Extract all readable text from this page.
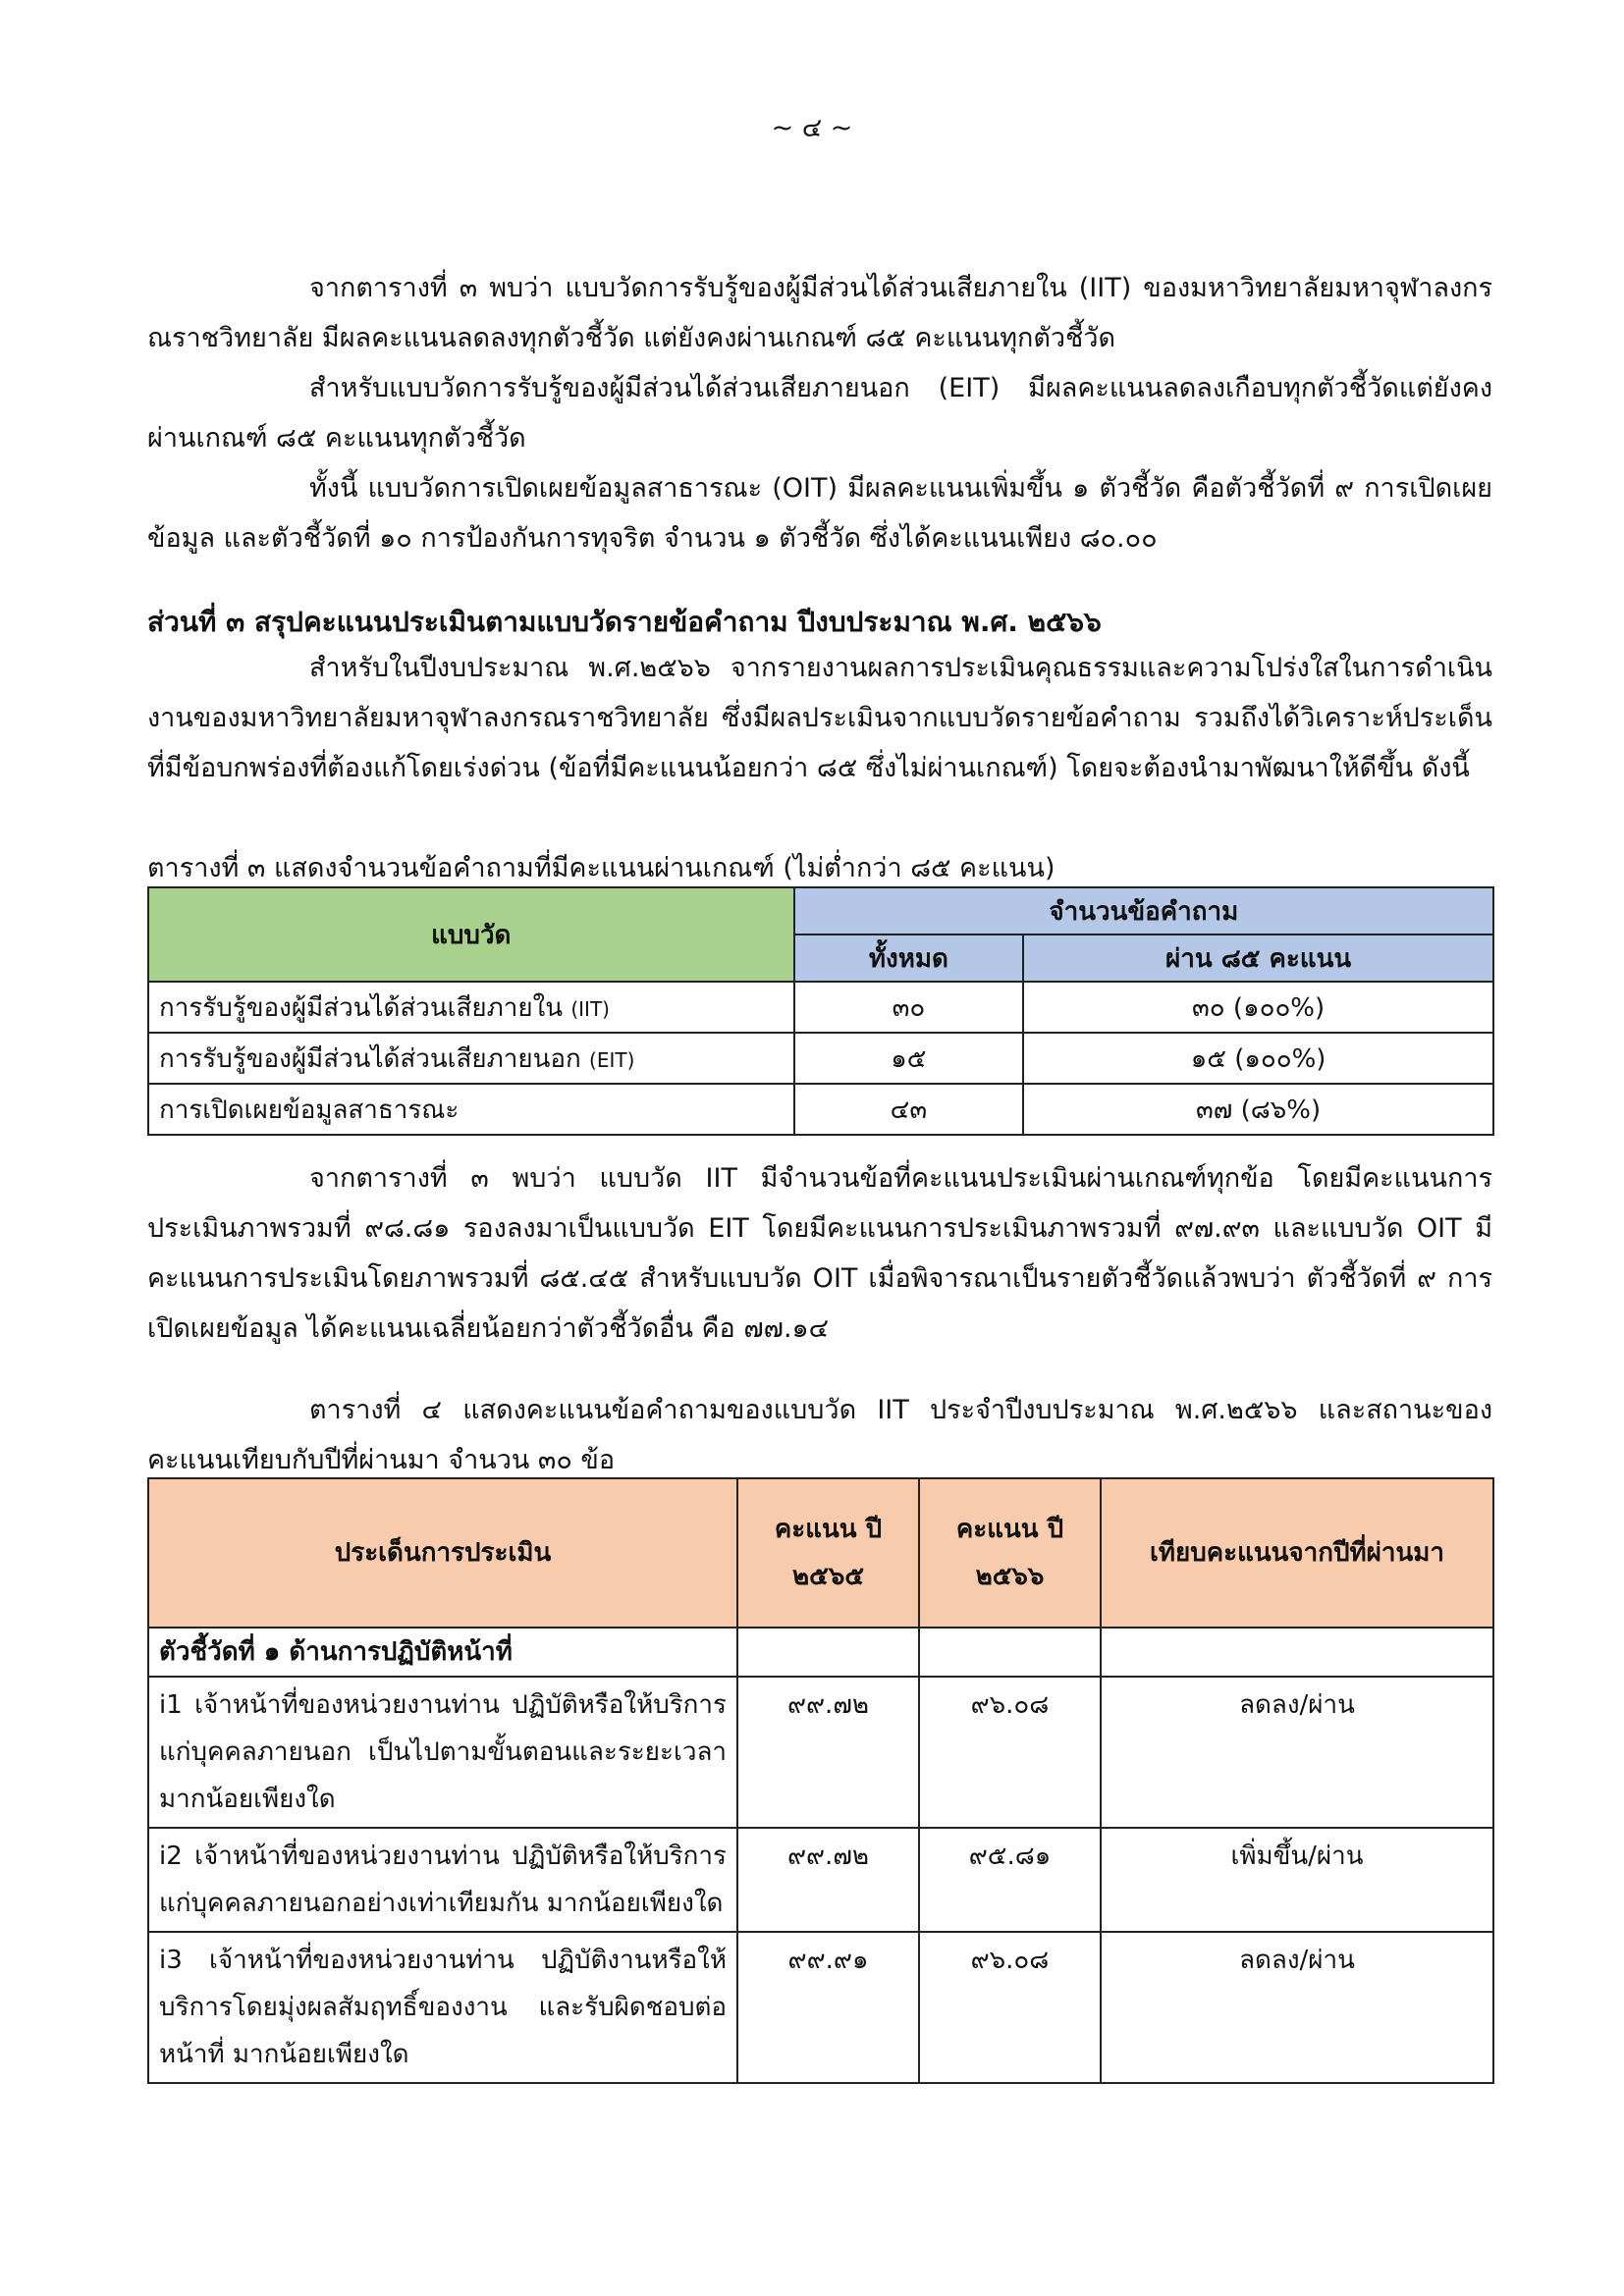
~ ๔ ~
จากตารางที่ ๓ พบว่า แบบวัดการรับรู้ของผู้มีส่วนได้ส่วนเสียภายใน (IIT) ของมหาวิทยาลัยมหาจุฬาลงกรณราชวิทยาลัย มีผลคะแนนลดลงทุกตัวชี้วัด แต่ยังคงผ่านเกณฑ์ ๘๕ คะแนนทุกตัวชี้วัด
สำหรับแบบวัดการรับรู้ของผู้มีส่วนได้ส่วนเสียภายนอก (EIT) มีผลคะแนนลดลงเกือบทุกตัวชี้วัดแต่ยังคงผ่านเกณฑ์ ๘๕ คะแนนทุกตัวชี้วัด
ทั้งนี้ แบบวัดการเปิดเผยข้อมูลสาธารณะ (OIT) มีผลคะแนนเพิ่มขึ้น ๑ ตัวชี้วัด คือตัวชี้วัดที่ ๙ การเปิดเผยข้อมูล และตัวชี้วัดที่ ๑๐ การป้องกันการทุจริต จำนวน ๑ ตัวชี้วัด ซึ่งได้คะแนนเพียง ๘๐.๐๐
ส่วนที่ ๓ สรุปคะแนนประเมินตามแบบวัดรายข้อคำถาม ปีงบประมาณ พ.ศ. ๒๕๖๖
สำหรับในปีงบประมาณ พ.ศ.๒๕๖๖ จากรายงานผลการประเมินคุณธรรมและความโปร่งใสในการดำเนินงานของมหาวิทยาลัยมหาจุฬาลงกรณราชวิทยาลัย ซึ่งมีผลประเมินจากแบบวัดรายข้อคำถาม รวมถึงได้วิเคราะห์ประเด็นที่มีข้อบกพร่องที่ต้องแก้โดยเร่งด่วน (ข้อที่มีคะแนนน้อยกว่า ๘๕ ซึ่งไม่ผ่านเกณฑ์) โดยจะต้องนำมาพัฒนาให้ดีขึ้น ดังนี้
ตารางที่ ๓ แสดงจำนวนข้อคำถามที่มีคะแนนผ่านเกณฑ์ (ไม่ต่ำกว่า ๘๕ คะแนน)
แบบวัด	จำนวนข้อคำถาม	
	ทั้งหมด	ผ่าน ๘๕ คะแนน
การรับรู้ของผู้มีส่วนได้ส่วนเสียภายใน (IIT)	๓๐	๓๐ (๑๐๐%)
การรับรู้ของผู้มีส่วนได้ส่วนเสียภายนอก (EIT)	๑๕	๑๕ (๑๐๐%)
การเปิดเผยข้อมูลสาธารณะ	๔๓	๓๗ (๘๖%)
จากตารางที่ ๓ พบว่า แบบวัด IIT มีจำนวนข้อที่คะแนนประเมินผ่านเกณฑ์ทุกข้อ โดยมีคะแนนการประเมินภาพรวมที่ ๙๘.๘๑ รองลงมาเป็นแบบวัด EIT โดยมีคะแนนการประเมินภาพรวมที่ ๙๗.๙๓ และแบบวัด OIT มีคะแนนการประเมินโดยภาพรวมที่ ๘๕.๔๕ สำหรับแบบวัด OIT เมื่อพิจารณาเป็นรายตัวชี้วัดแล้วพบว่า ตัวชี้วัดที่ ๙ การเปิดเผยข้อมูล ได้คะแนนเฉลี่ยน้อยกว่าตัวชี้วัดอื่น คือ ๗๗.๑๔
ตารางที่ ๔ แสดงคะแนนข้อคำถามของแบบวัด IIT ประจำปีงบประมาณ พ.ศ.๒๕๖๖ และสถานะของคะแนนเทียบกับปีที่ผ่านมา จำนวน ๓๐ ข้อ
ประเด็นการประเมิน	คะแนน ปี ๒๕๖๕	คะแนน ปี ๒๕๖๖	เทียบคะแนนจากปีที่ผ่านมา
ตัวชี้วัดที่ ๑ ด้านการปฏิบัติหน้าที่			
i1 เจ้าหน้าที่ของหน่วยงานท่าน ปฏิบัติหรือให้บริการแก่บุคคลภายนอก เป็นไปตามขั้นตอนและระยะเวลา มากน้อยเพียงใด	๙๙.๗๒	๙๖.๐๘	ลดลง/ผ่าน
i2 เจ้าหน้าที่ของหน่วยงานท่าน ปฏิบัติหรือให้บริการแก่บุคคลภายนอกอย่างเท่าเทียมกัน มากน้อยเพียงใด	๙๙.๗๒	๙๕.๘๑	เพิ่มขึ้น/ผ่าน
i3 เจ้าหน้าที่ของหน่วยงานท่าน ปฏิบัติงานหรือให้บริการโดยมุ่งผลสัมฤทธิ์ของงาน และรับผิดชอบต่อหน้าที่ มากน้อยเพียงใด	๙๙.๙๑	๙๖.๐๘	ลดลง/ผ่าน
